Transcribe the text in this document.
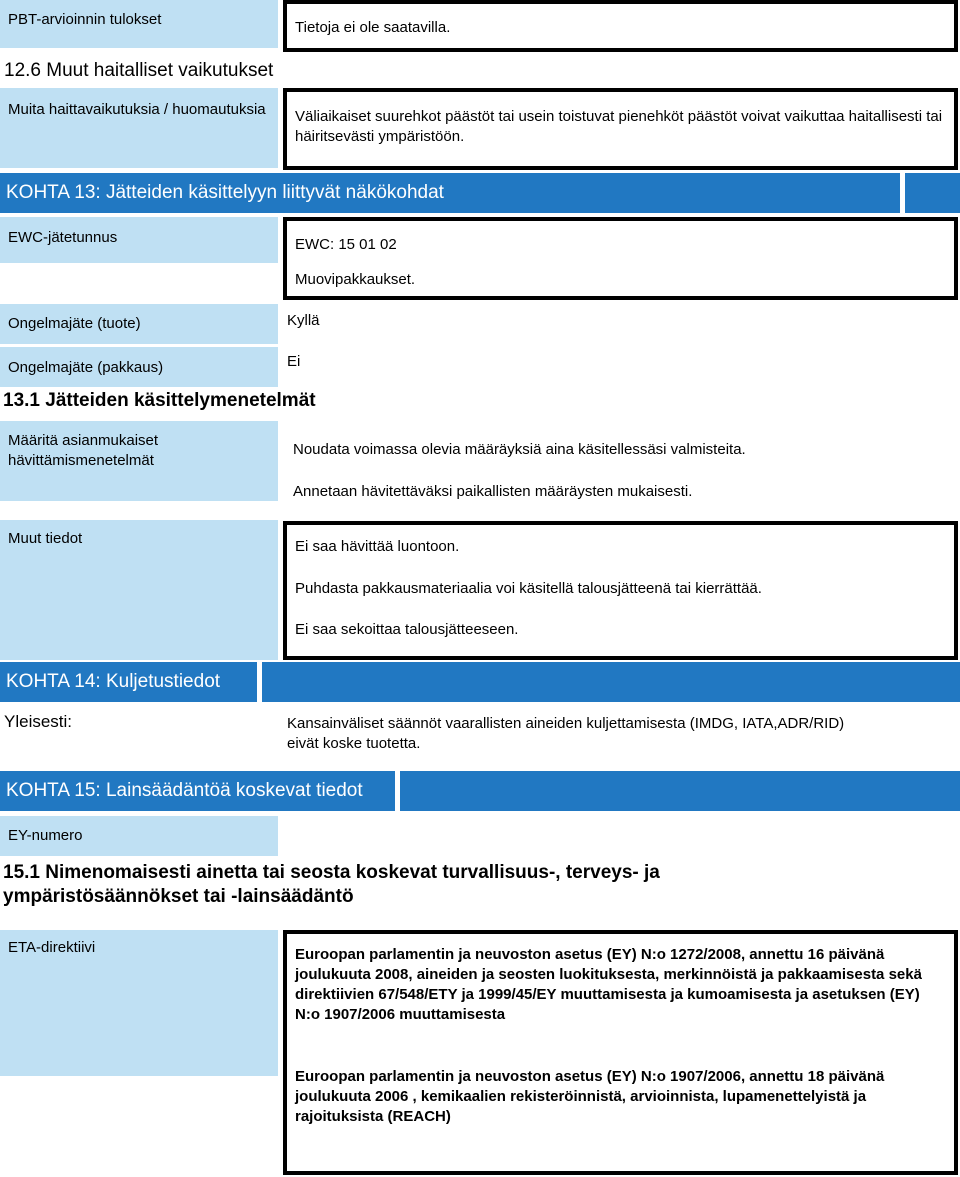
PBT-arvioinnin tulokset	Tietoja ei ole saatavilla.
12.6 Muut haitalliset vaikutukset
Muita haittavaikutuksia / huomautuksia	Väliaikaiset suurehkot päästöt tai usein toistuvat pienehköt päästöt voivat vaikuttaa haitallisesti tai häiritsevästi ympäristöön.
KOHTA 13: Jätteiden käsittelyyn liittyvät näkökohdat
EWC-jätetunnus	EWC: 15 01 02
Muovipakkaukset.
Ongelmajäte (tuote)	Kyllä
Ongelmajäte (pakkaus)	Ei
13.1 Jätteiden käsittelymenetelmät
Määritä asianmukaiset hävittämismenetelmät
Noudata voimassa olevia määräyksiä aina käsitellessäsi valmisteita.
Annetaan hävitettäväksi paikallisten määräysten mukaisesti.
Muut tiedot	Ei saa hävittää luontoon.
Puhdasta pakkausmateriaalia voi käsitellä talousjätteenä tai kierrättää.
Ei saa sekoittaa talousjätteeseen.
KOHTA 14: Kuljetustiedot
Yleisesti:	Kansainväliset säännöt vaarallisten aineiden kuljettamisesta (IMDG, IATA,ADR/RID) eivät koske tuotetta.
KOHTA 15: Lainsäädäntöä koskevat tiedot
EY-numero
15.1 Nimenomaisesti ainetta tai seosta koskevat turvallisuus-, terveys- ja ympäristösäännökset tai -lainsäädäntö
ETA-direktiivi	Euroopan parlamentin ja neuvoston asetus (EY) N:o 1272/2008, annettu 16 päivänä joulukuuta 2008, aineiden ja seosten luokituksesta, merkinnöistä ja pakkaamisesta sekä direktiivien 67/548/ETY ja 1999/45/EY muuttamisesta ja kumoamisesta ja asetuksen (EY) N:o 1907/2006 muuttamisesta
Euroopan parlamentin ja neuvoston asetus (EY) N:o 1907/2006, annettu 18 päivänä joulukuuta 2006 , kemikaalien rekisteröinnistä, arvioinnista, lupamenettelyistä ja rajoituksista (REACH)
